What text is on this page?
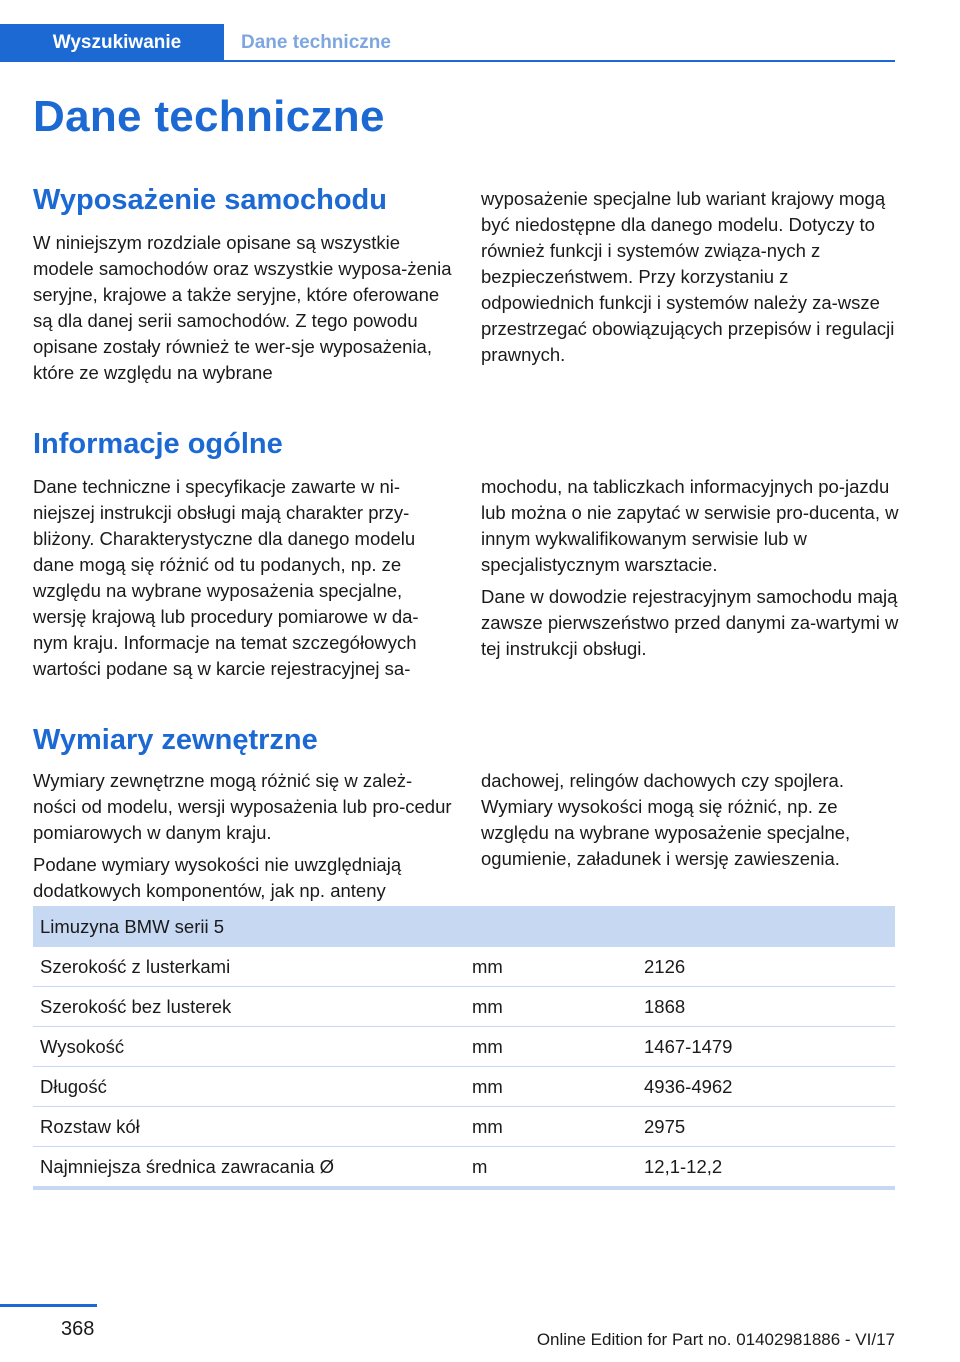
Wyszukiwanie	Dane techniczne
Dane techniczne
Wyposażenie samochodu

W niniejszym rozdziale opisane są wszystkie modele samochodów oraz wszystkie wyposa‐żenia seryjne, krajowe a także seryjne, które oferowane są dla danej serii samochodów. Z tego powodu opisane zostały również te wer‐sje wyposażenia, które ze względu na wybrane

wyposażenie specjalne lub wariant krajowy mogą być niedostępne dla danego modelu. Dotyczy to również funkcji i systemów związa‐nych z bezpieczeństwem. Przy korzystaniu z odpowiednich funkcji i systemów należy za‐wsze przestrzegać obowiązujących przepisów i regulacji prawnych.

Informacje ogólne

Dane techniczne i specyfikacje zawarte w ni‐niejszej instrukcji obsługi mają charakter przy‐bliżony. Charakterystyczne dla danego modelu dane mogą się różnić od tu podanych, np. ze względu na wybrane wyposażenia specjalne, wersję krajową lub procedury pomiarowe w da‐nym kraju. Informacje na temat szczegółowych wartości podane są w karcie rejestracyjnej sa‐

mochodu, na tabliczkach informacyjnych po‐jazdu lub można o nie zapytać w serwisie pro‐ducenta, w innym wykwalifikowanym serwisie lub w specjalistycznym warsztacie.

Dane w dowodzie rejestracyjnym samochodu mają zawsze pierwszeństwo przed danymi za‐wartymi w tej instrukcji obsługi.

Wymiary zewnętrzne

Wymiary zewnętrzne mogą różnić się w zależ‐ności od modelu, wersji wyposażenia lub pro‐cedur pomiarowych w danym kraju.

Podane wymiary wysokości nie uwzględniają dodatkowych komponentów, jak np. anteny

dachowej, relingów dachowych czy spojlera. Wymiary wysokości mogą się różnić, np. ze względu na wybrane wyposażenie specjalne, ogumienie, załadunek i wersję zawieszenia.

Limuzyna BMW serii 5		
Szerokość z lusterkami	mm	2126
Szerokość bez lusterek	mm	1868
Wysokość	mm	1467-1479
Długość	mm	4936-4962
Rozstaw kół	mm	2975
Najmniejsza średnica zawracania Ø	m	12,1-12,2
368	Online Edition for Part no. 01402981886 - VI/17
